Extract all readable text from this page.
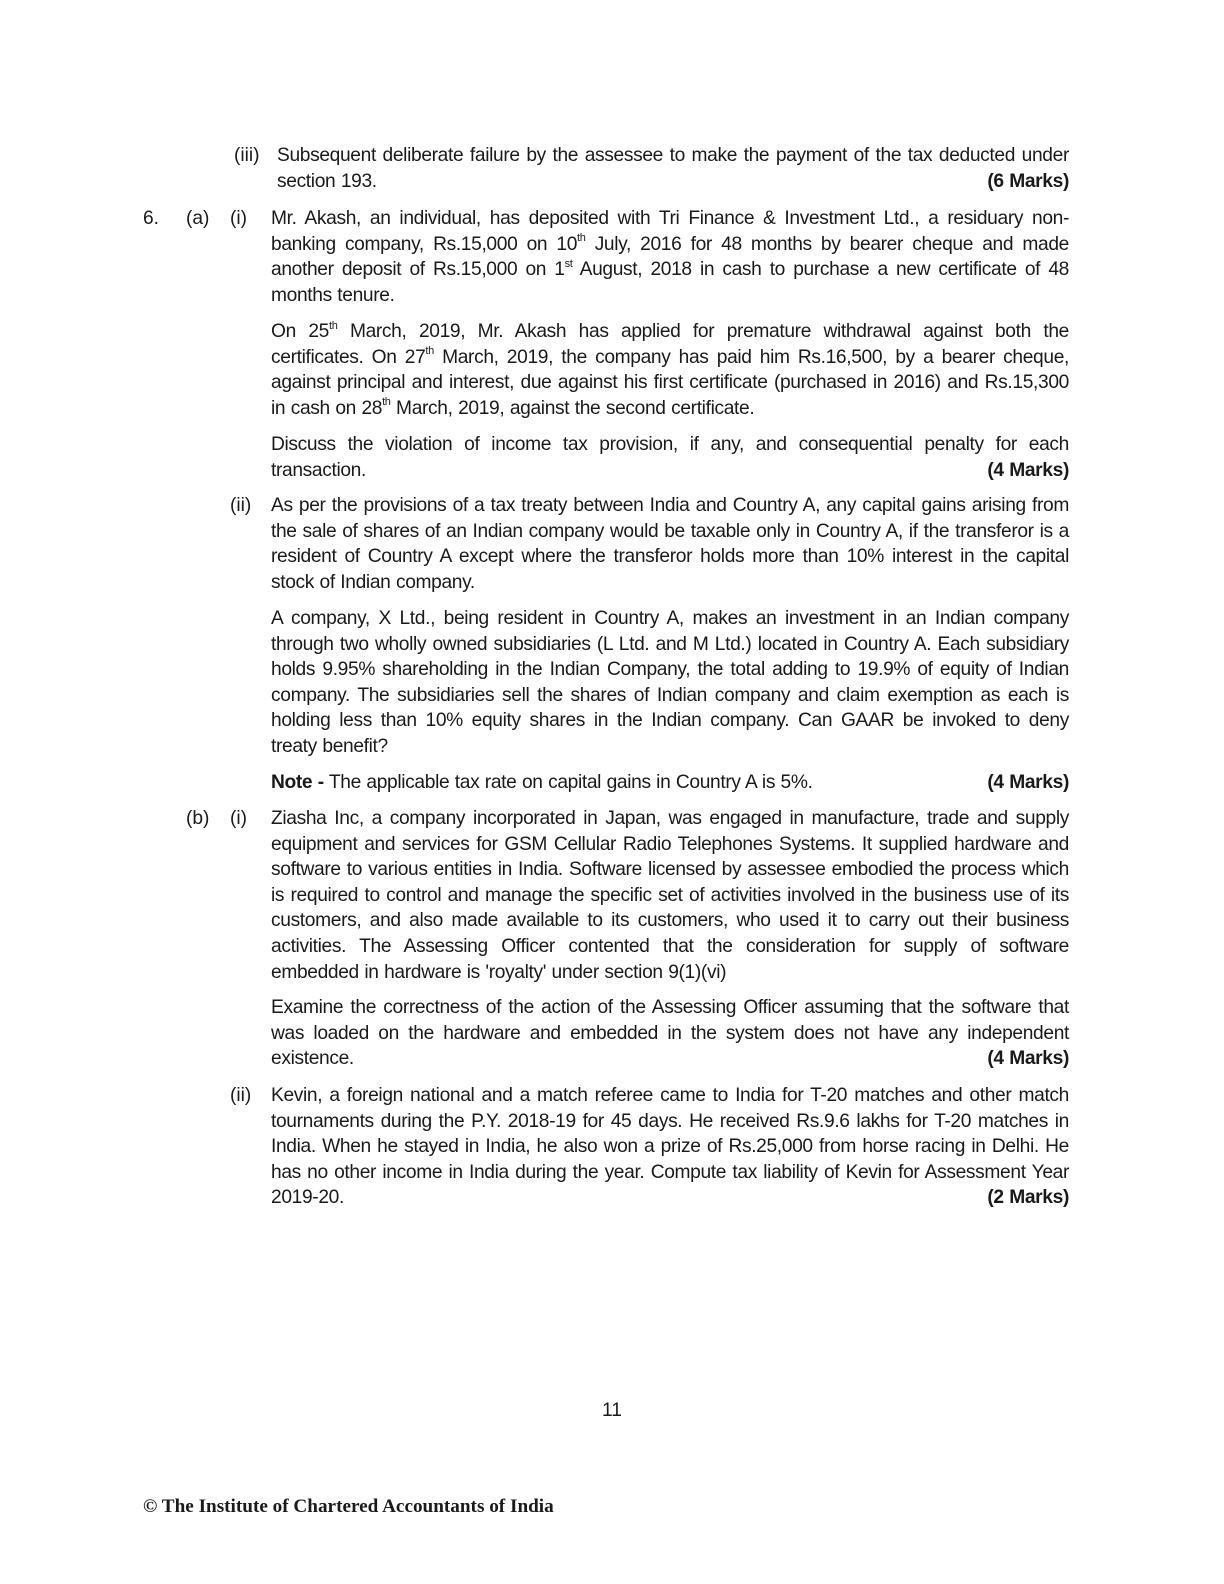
(iii) Subsequent deliberate failure by the assessee to make the payment of the tax deducted under section 193.	(6 Marks)
6. (a) (i) Mr. Akash, an individual, has deposited with Tri Finance & Investment Ltd., a residuary non-banking company, Rs.15,000 on 10th July, 2016 for 48 months by bearer cheque and made another deposit of Rs.15,000 on 1st August, 2018 in cash to purchase a new certificate of 48 months tenure.
On 25th March, 2019, Mr. Akash has applied for premature withdrawal against both the certificates. On 27th March, 2019, the company has paid him Rs.16,500, by a bearer cheque, against principal and interest, due against his first certificate (purchased in 2016) and Rs.15,300 in cash on 28th March, 2019, against the second certificate.
Discuss the violation of income tax provision, if any, and consequential penalty for each transaction.	(4 Marks)
(ii) As per the provisions of a tax treaty between India and Country A, any capital gains arising from the sale of shares of an Indian company would be taxable only in Country A, if the transferor is a resident of Country A except where the transferor holds more than 10% interest in the capital stock of Indian company.
A company, X Ltd., being resident in Country A, makes an investment in an Indian company through two wholly owned subsidiaries (L Ltd. and M Ltd.) located in Country A. Each subsidiary holds 9.95% shareholding in the Indian Company, the total adding to 19.9% of equity of Indian company. The subsidiaries sell the shares of Indian company and claim exemption as each is holding less than 10% equity shares in the Indian company. Can GAAR be invoked to deny treaty benefit?
Note - The applicable tax rate on capital gains in Country A is 5%.	(4 Marks)
(b) (i) Ziasha Inc, a company incorporated in Japan, was engaged in manufacture, trade and supply equipment and services for GSM Cellular Radio Telephones Systems. It supplied hardware and software to various entities in India. Software licensed by assessee embodied the process which is required to control and manage the specific set of activities involved in the business use of its customers, and also made available to its customers, who used it to carry out their business activities. The Assessing Officer contented that the consideration for supply of software embedded in hardware is 'royalty' under section 9(1)(vi)
Examine the correctness of the action of the Assessing Officer assuming that the software that was loaded on the hardware and embedded in the system does not have any independent existence.	(4 Marks)
(ii) Kevin, a foreign national and a match referee came to India for T-20 matches and other match tournaments during the P.Y. 2018-19 for 45 days. He received Rs.9.6 lakhs for T-20 matches in India. When he stayed in India, he also won a prize of Rs.25,000 from horse racing in Delhi. He has no other income in India during the year. Compute tax liability of Kevin for Assessment Year 2019-20.	(2 Marks)
11
© The Institute of Chartered Accountants of India
